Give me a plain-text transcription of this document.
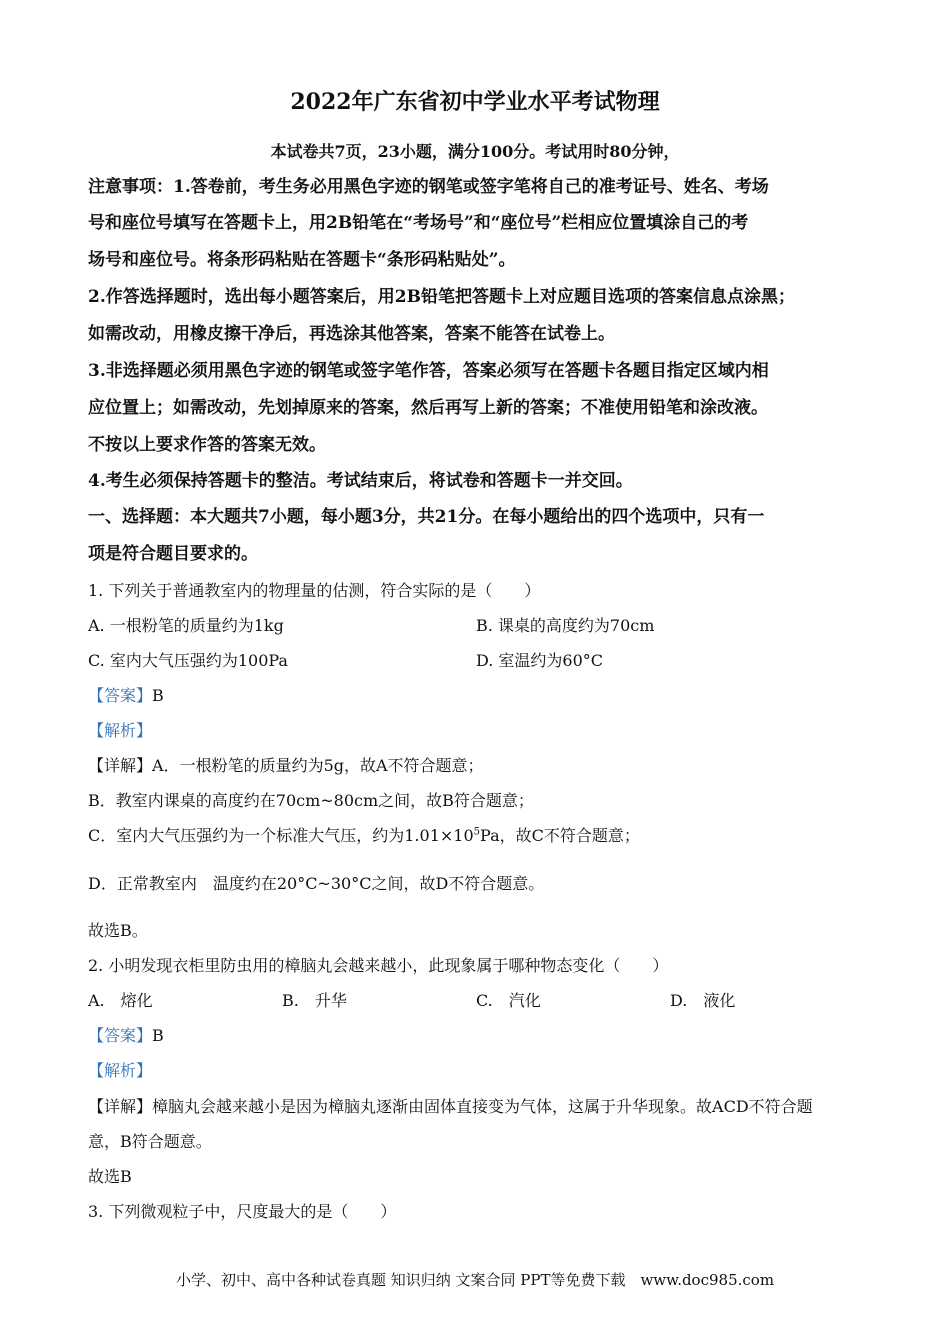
2022年广东省初中学业水平考试物理
本试卷共7页，23小题，满分100分。考试用时80分钟，
注意事项：1.答卷前，考生务必用黑色字迹的钢笔或签字笔将自己的准考证号、姓名、考场
号和座位号填写在答题卡上，用2B铅笔在“考场号”和“座位号”栏相应位置填涂自己的考
场号和座位号。将条形码粘贴在答题卡“条形码粘贴处”。
2.作答选择题时，选出每小题答案后，用2B铅笔把答题卡上对应题目选项的答案信息点涂黑；
如需改动，用橡皮擦干净后，再选涂其他答案，答案不能答在试卷上。
3.非选择题必须用黑色字迹的钢笔或签字笔作答，答案必须写在答题卡各题目指定区域内相
应位置上；如需改动，先划掉原来的答案，然后再写上新的答案；不准使用铅笔和涂改液。
不按以上要求作答的答案无效。
4.考生必须保持答题卡的整洁。考试结束后，将试卷和答题卡一并交回。
一、选择题：本大题共7小题，每小题3分，共21分。在每小题给出的四个选项中，只有一
项是符合题目要求的。
1. 下列关于普通教室内的物理量的估测，符合实际的是（　　）
A. 一根粉笔的质量约为1kg	B. 课桌的高度约为70cm
C. 室内大气压强约为100Pa	D. 室温约为60°C
【答案】B
【解析】
【详解】A．一根粉笔的质量约为5g，故A不符合题意；
B．教室内课桌的高度约在70cm~80cm之间，故B符合题意；
C．室内大气压强约为一个标准大气压，约为$1.01\times 10^5Pa$，故C不符合题意；
D．正常教室内　温度约在20°C~30°C之间，故D不符合题意。
故选B。
2. 小明发现衣柜里防虫用的樟脑丸会越来越小，此现象属于哪种物态变化（　　）
A.　熔化	B.　升华	C.　汽化	D.　液化
【答案】B
【解析】
【详解】樟脑丸会越来越小是因为樟脑丸逐渐由固体直接变为气体，这属于升华现象。故ACD不符合题
意，B符合题意。
故选B
3. 下列微观粒子中，尺度最大的是（　　）
小学、初中、高中各种试卷真题 知识归纳 文案合同 PPT等免费下载　www.doc985.com
